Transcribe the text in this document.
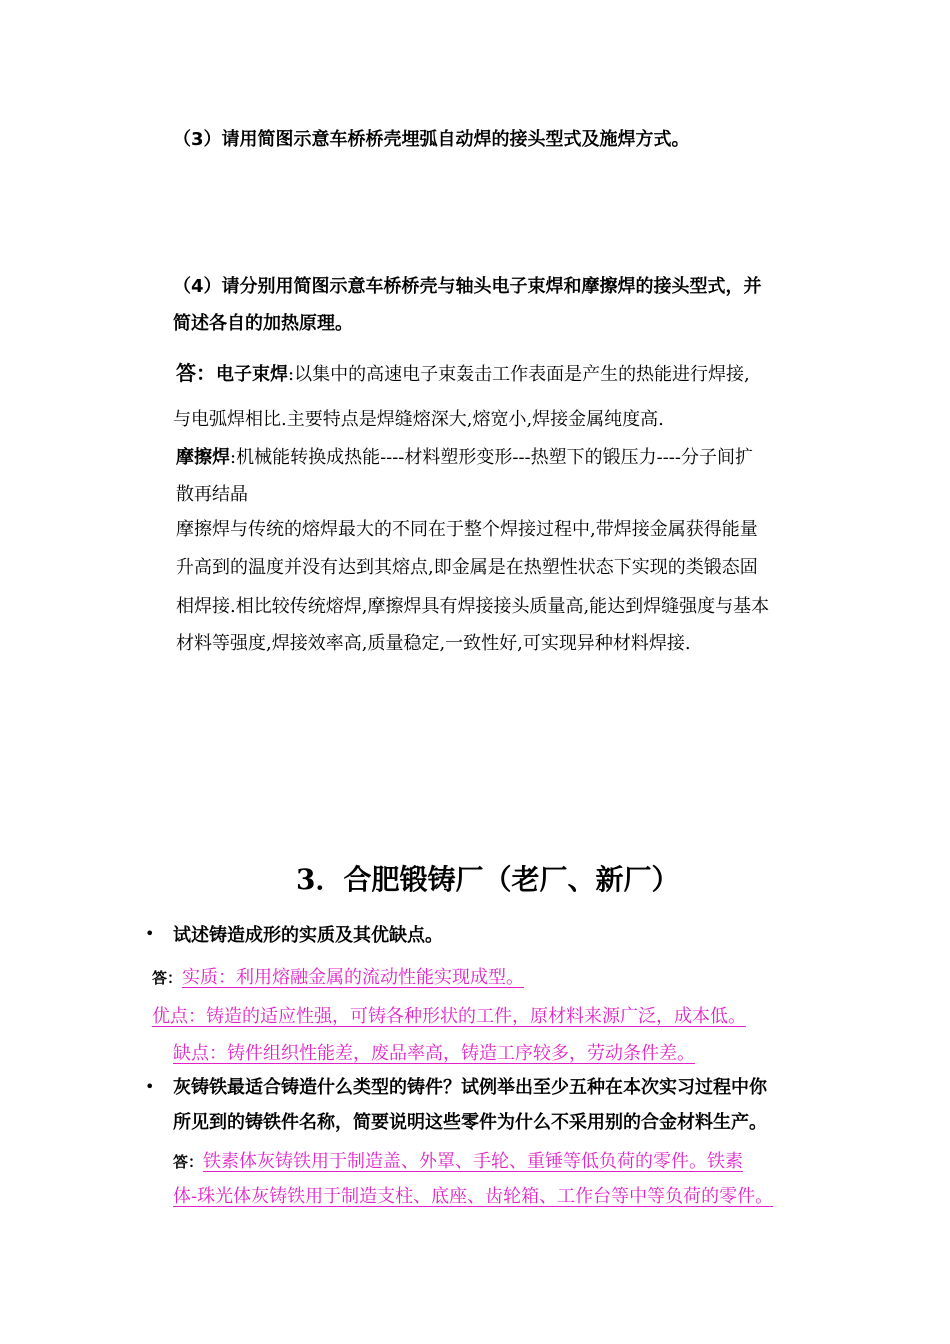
（3）请用简图示意车桥桥壳埋弧自动焊的接头型式及施焊方式。
（4）请分别用简图示意车桥桥壳与轴头电子束焊和摩擦焊的接头型式，并
简述各自的加热原理。
答：电子束焊:以集中的高速电子束轰击工作表面是产生的热能进行焊接,
与电弧焊相比.主要特点是焊缝熔深大,熔宽小,焊接金属纯度高.
摩擦焊:机械能转换成热能----材料塑形变形---热塑下的锻压力----分子间扩
散再结晶
摩擦焊与传统的熔焊最大的不同在于整个焊接过程中,带焊接金属获得能量
升高到的温度并没有达到其熔点,即金属是在热塑性状态下实现的类锻态固
相焊接.相比较传统熔焊,摩擦焊具有焊接接头质量高,能达到焊缝强度与基本
材料等强度,焊接效率高,质量稳定,一致性好,可实现异种材料焊接.
3．合肥锻铸厂（老厂、新厂）
• 试述铸造成形的实质及其优缺点。
答：实质：利用熔融金属的流动性能实现成型。
优点：铸造的适应性强，可铸各种形状的工件，原材料来源广泛，成本低。
缺点：铸件组织性能差，废品率高，铸造工序较多，劳动条件差。
• 灰铸铁最适合铸造什么类型的铸件？试例举出至少五种在本次实习过程中你
所见到的铸铁件名称，简要说明这些零件为什么不采用别的合金材料生产。
答：铁素体灰铸铁用于制造盖、外罩、手轮、重锤等低负荷的零件。铁素
体-珠光体灰铸铁用于制造支柱、底座、齿轮箱、工作台等中等负荷的零件。
